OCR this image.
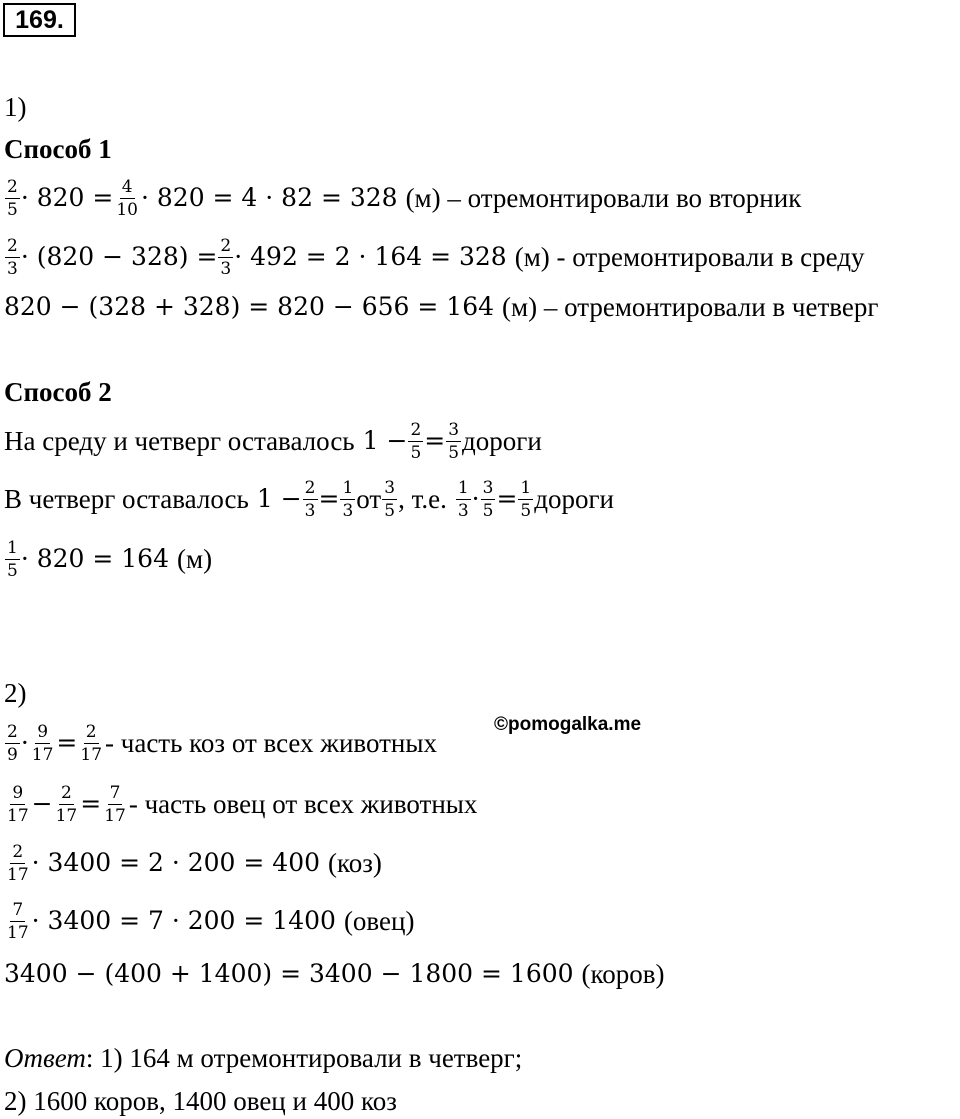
169.
1)
Способ 1
$\frac{2}{5} \cdot 820 = \frac{4}{10} \cdot 820 = 4 \cdot 82 = 328$ (м) – отремонтировали во вторник
$\frac{2}{3} \cdot (820 - 328) = \frac{2}{3} \cdot 492 = 2 \cdot 164 = 328$ (м) - отремонтировали в среду
820 − (328 + 328) = 820 − 656 = 164 (м) – отремонтировали в четверг
Способ 2
На среду и четверг оставалось $1 - \frac{2}{5} = \frac{3}{5}$ дороги
В четверг оставалось $1 - \frac{2}{3} = \frac{1}{3}$ от $\frac{3}{5}$ , т.е. $\frac{1}{3} \cdot \frac{3}{5} = \frac{1}{5}$ дороги
$\frac{1}{5} \cdot 820 = 164$ (м)
2)
©pomogalka.me
$\frac{2}{9} \cdot \frac{9}{17} = \frac{2}{17}$ - часть коз от всех животных
$\frac{9}{17} - \frac{2}{17} = \frac{7}{17}$ - часть овец от всех животных
$\frac{2}{17} \cdot 3400 = 2 \cdot 200 = 400$ (коз)
$\frac{7}{17} \cdot 3400 = 7 \cdot 200 = 1400$ (овец)
3400 − (400 + 1400) = 3400 − 1800 = 1600 (коров)
Ответ : 1) 164 м отремонтировали в четверг;
2) 1600 коров, 1400 овец и 400 коз
